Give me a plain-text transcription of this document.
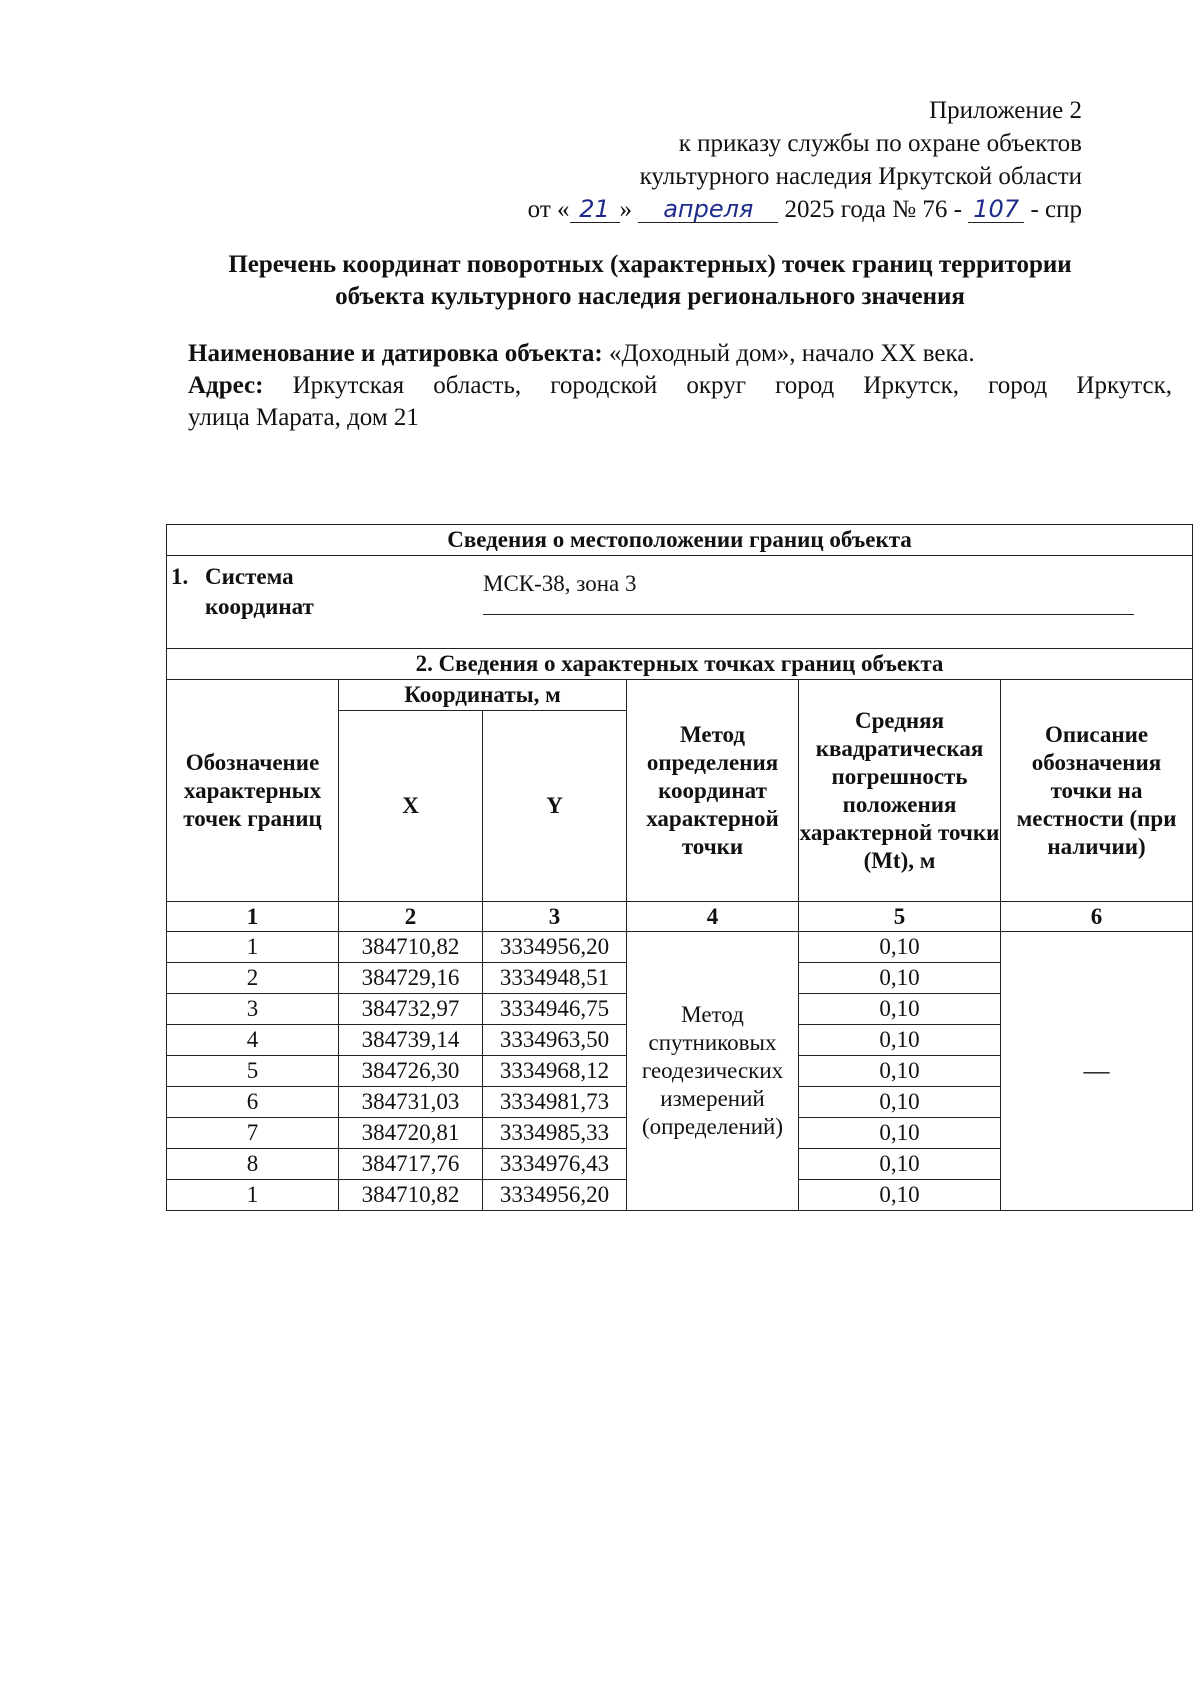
Приложение 2
к приказу службы по охране объектов
культурного наследия Иркутской области
от « 21 » апреля 2025 года № 76 - 107 - спр
Перечень координат поворотных (характерных) точек границ территории
объекта культурного наследия регионального значения
Наименование и датировка объекта: «Доходный дом», начало XX века.
Адрес: Иркутская область, городской округ город Иркутск, город Иркутск,
улица Марата, дом 21
Сведения о местоположении границ объекта					

1. Система
координат
МСК-38, зона 3					

2. Сведения о характерных точках границ объекта					
Обозначение характерных точек границ	Координаты, м		Метод определения координат характерной точки	Средняя квадратическая погрешность положения характерной точки (Mt), м	Описание обозначения точки на местности (при наличии)
	X	Y			
1	2	3	4	5	6
1	384710,82	3334956,20	Метод спутниковых геодезических измерений (определений)	0,10	—
2	384729,16	3334948,51		0,10	
3	384732,97	3334946,75		0,10	
4	384739,14	3334963,50		0,10	
5	384726,30	3334968,12		0,10	
6	384731,03	3334981,73		0,10	
7	384720,81	3334985,33		0,10	
8	384717,76	3334976,43		0,10	
1	384710,82	3334956,20		0,10	
